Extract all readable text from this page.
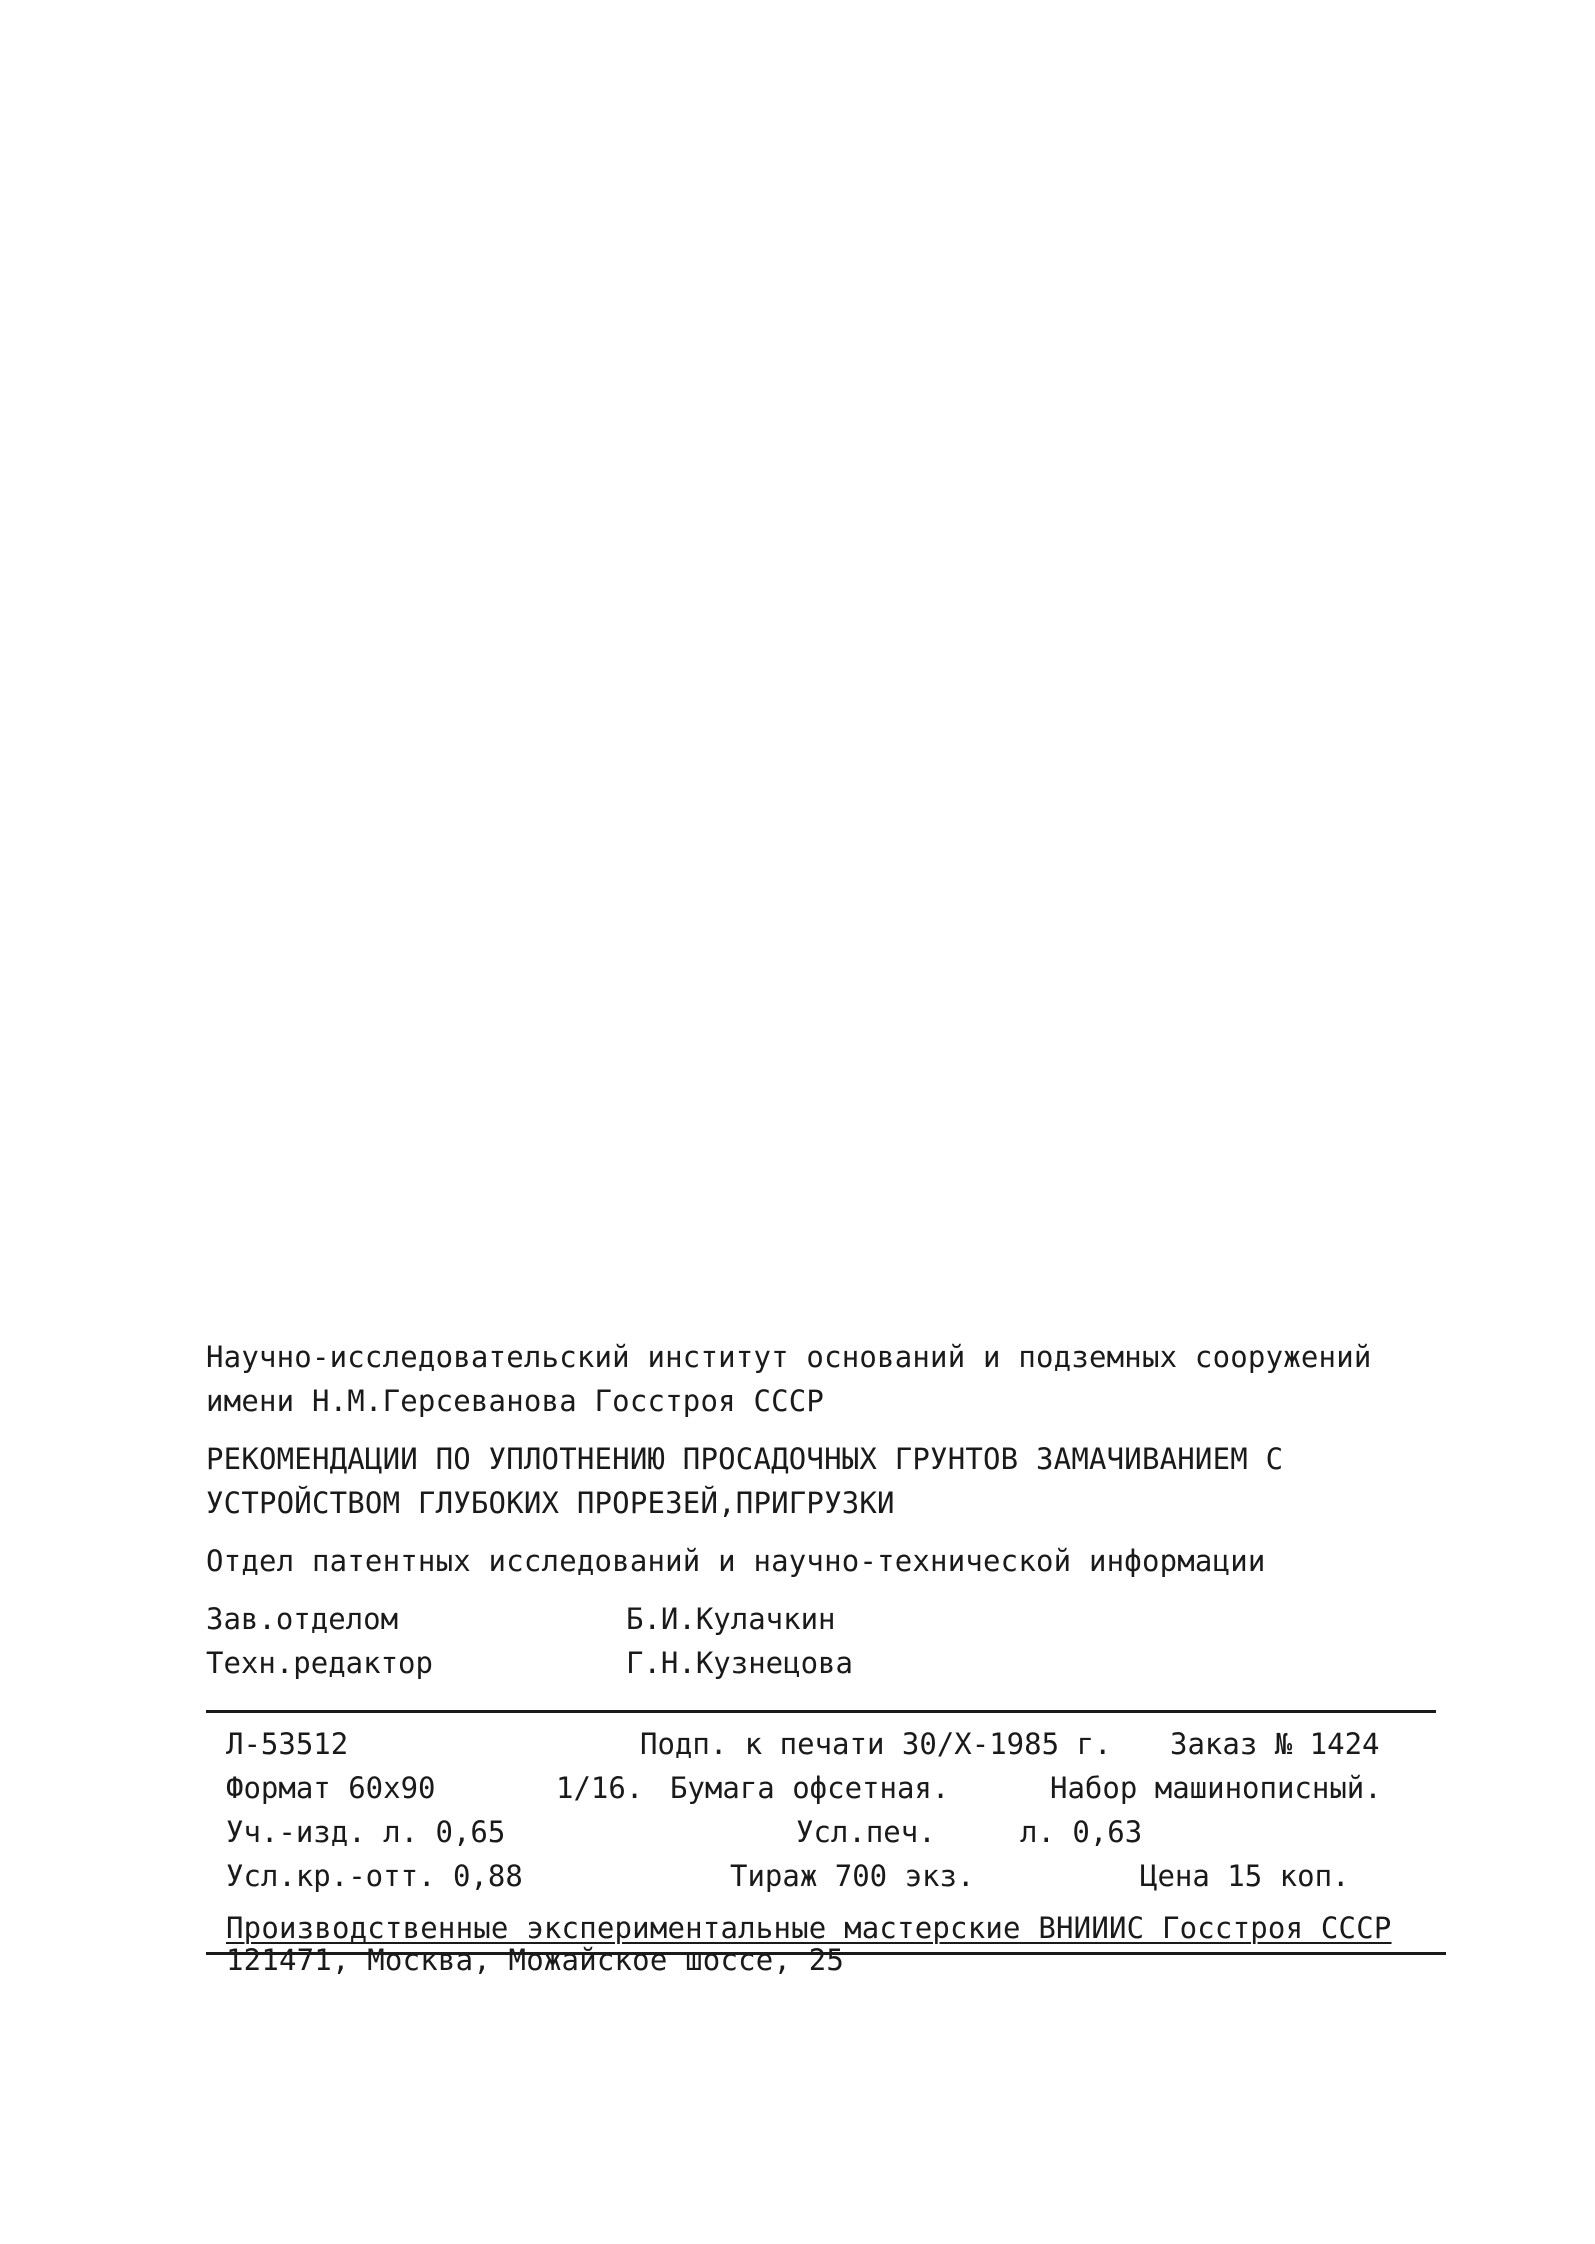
Научно-исследовательский институт оснований и подземных сооружений
имени Н.М.Герсеванова Госстроя СССР
РЕКОМЕНДАЦИИ ПО УПЛОТНЕНИЮ ПРОСАДОЧНЫХ ГРУНТОВ ЗАМАЧИВАНИЕМ С
УСТРОЙСТВОМ ГЛУБОКИХ ПРОРЕЗЕЙ,ПРИГРУЗКИ
Отдел патентных исследований и научно-технической информации
Зав.отделом	Б.И.Кулачкин
Техн.редактор	Г.Н.Кузнецова
Л-53512	Подп. к печати 30/Х-1985 г. Заказ № 1424
Формат 60х90	1/16. Бумага офсетная.	Набор машинописный.
Уч.-изд. л. 0,65	Усл.печ.	л. 0,63
Усл.кр.-отт. 0,88	Тираж 700 экз.	Цена 15 коп.
Производственные экспериментальные мастерские ВНИИИС Госстроя СССР
121471, Москва, Можайское шоссе, 25
